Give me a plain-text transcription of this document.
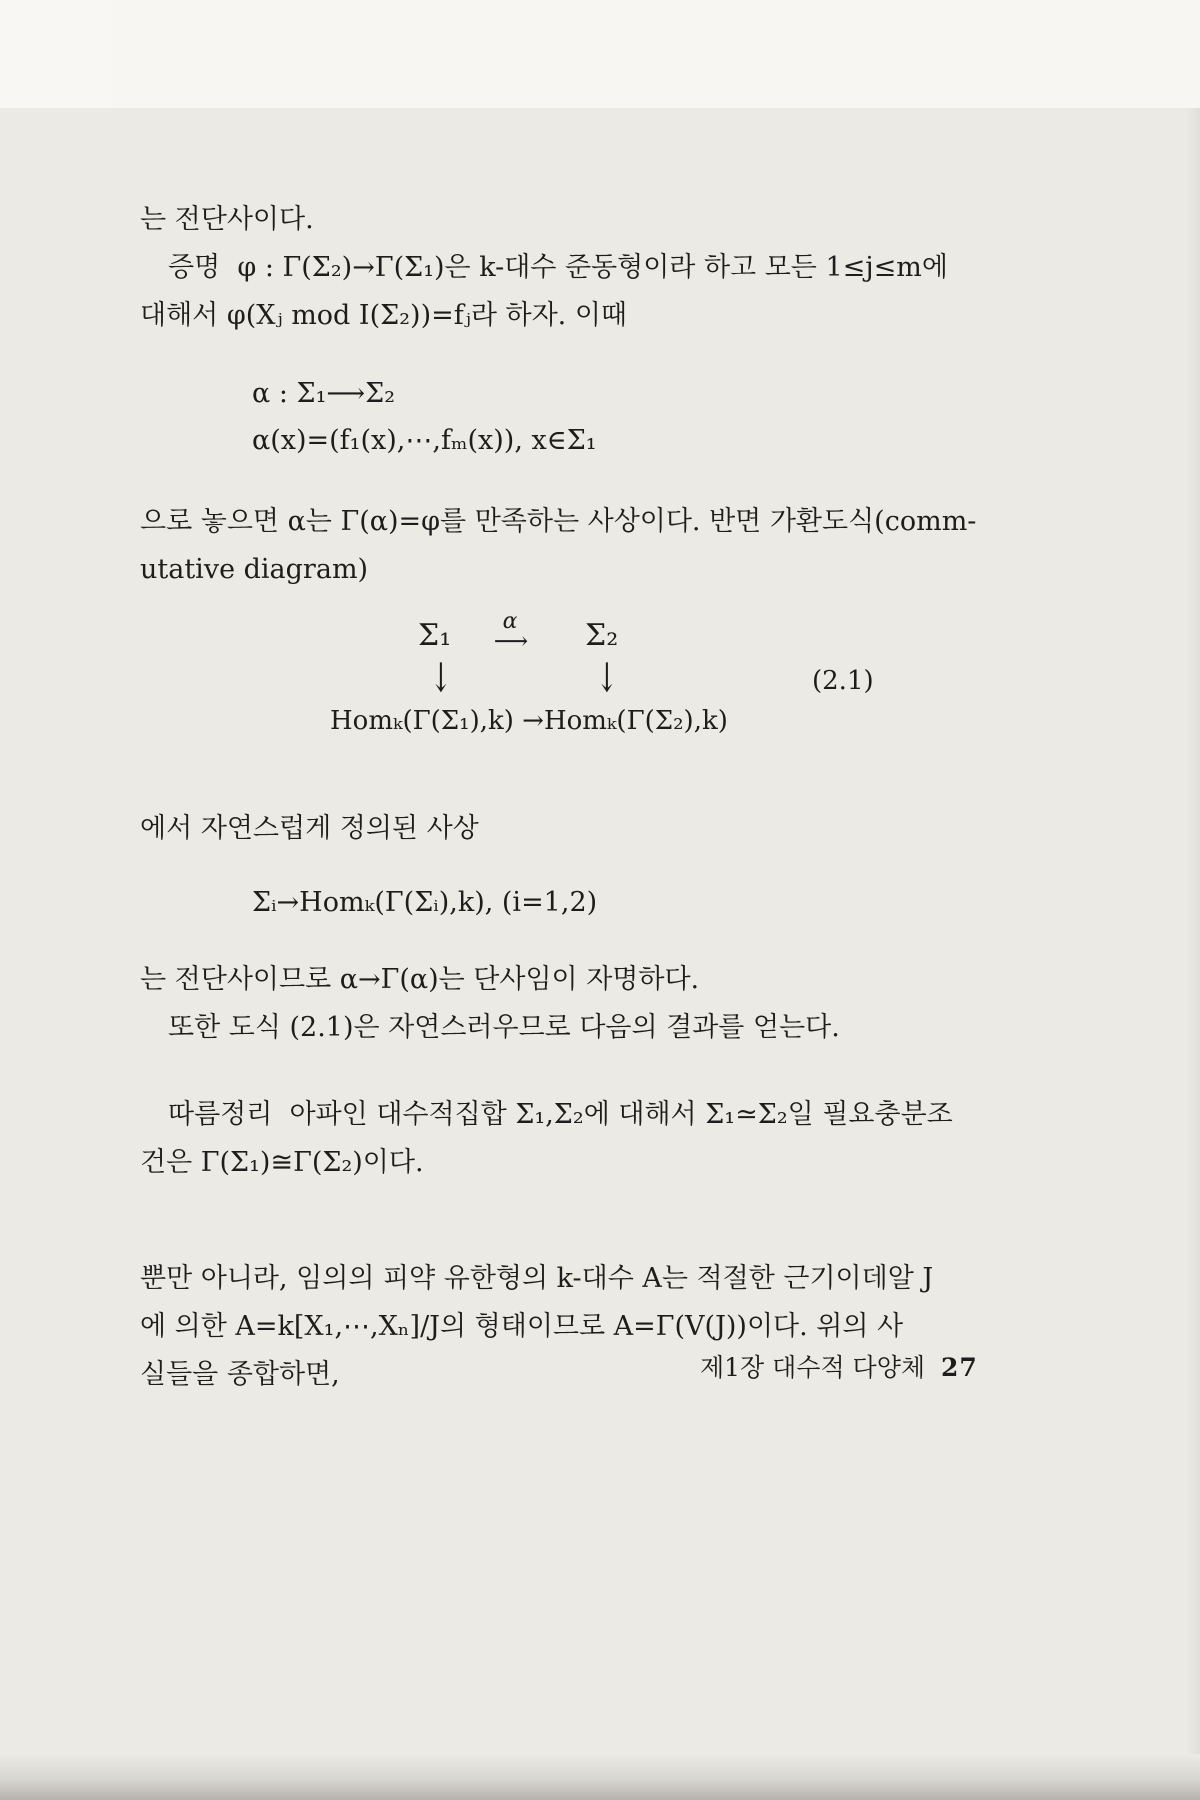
는 전단사이다.
증명  φ : Γ(Σ₂)→Γ(Σ₁)은 k-대수 준동형이라 하고 모든 1≤j≤m에
대해서 φ(Xⱼ mod I(Σ₂))=fⱼ라 하자. 이때
α : Σ₁⟶Σ₂
α(x)=(f₁(x),⋯,fₘ(x)), x∈Σ₁
으로 놓으면 α는 Γ(α)=φ를 만족하는 사상이다. 반면 가환도식(comm-
utative diagram)
Σ₁ α
⟶ Σ₂
↓	↓
Homₖ(Γ(Σ₁),k) →Homₖ(Γ(Σ₂),k)
(2.1)
에서 자연스럽게 정의된 사상
Σᵢ→Homₖ(Γ(Σᵢ),k), (i=1,2)
는 전단사이므로 α→Γ(α)는 단사임이 자명하다.
또한 도식 (2.1)은 자연스러우므로 다음의 결과를 얻는다.
따름정리  아파인 대수적집합 Σ₁,Σ₂에 대해서 Σ₁≃Σ₂일 필요충분조
건은 Γ(Σ₁)≅Γ(Σ₂)이다.
뿐만 아니라, 임의의 피약 유한형의 k-대수 A는 적절한 근기이데알 J
에 의한 A=k[X₁,⋯,Xₙ]/J의 형태이므로 A=Γ(V(J))이다. 위의 사
실들을 종합하면,	제1장 대수적 다양체 27
